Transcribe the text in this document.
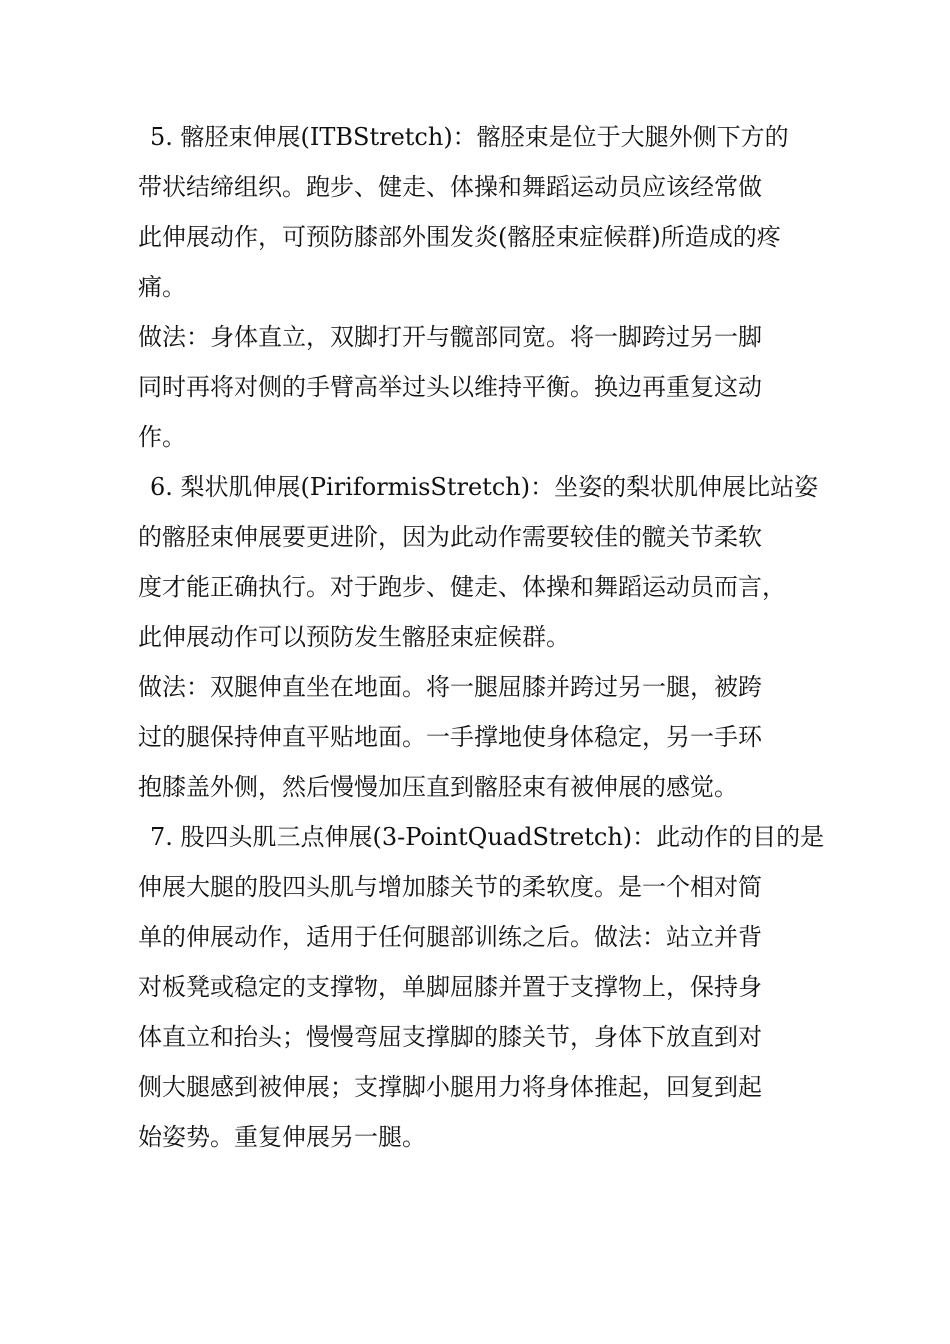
5. 髂胫束伸展(ITBStretch)：髂胫束是位于大腿外侧下方的
带状结缔组织。跑步、健走、体操和舞蹈运动员应该经常做
此伸展动作，可预防膝部外围发炎(髂胫束症候群)所造成的疼
痛。
做法：身体直立，双脚打开与髋部同宽。将一脚跨过另一脚
同时再将对侧的手臂高举过头以维持平衡。换边再重复这动
作。
6. 梨状肌伸展(PiriformisStretch)：坐姿的梨状肌伸展比站姿
的髂胫束伸展要更进阶，因为此动作需要较佳的髋关节柔软
度才能正确执行。对于跑步、健走、体操和舞蹈运动员而言，
此伸展动作可以预防发生髂胫束症候群。
做法：双腿伸直坐在地面。将一腿屈膝并跨过另一腿，被跨
过的腿保持伸直平贴地面。一手撑地使身体稳定，另一手环
抱膝盖外侧，然后慢慢加压直到髂胫束有被伸展的感觉。
7. 股四头肌三点伸展(3-PointQuadStretch)：此动作的目的是
伸展大腿的股四头肌与增加膝关节的柔软度。是一个相对简
单的伸展动作，适用于任何腿部训练之后。做法：站立并背
对板凳或稳定的支撑物，单脚屈膝并置于支撑物上，保持身
体直立和抬头；慢慢弯屈支撑脚的膝关节，身体下放直到对
侧大腿感到被伸展；支撑脚小腿用力将身体推起，回复到起
始姿势。重复伸展另一腿。
